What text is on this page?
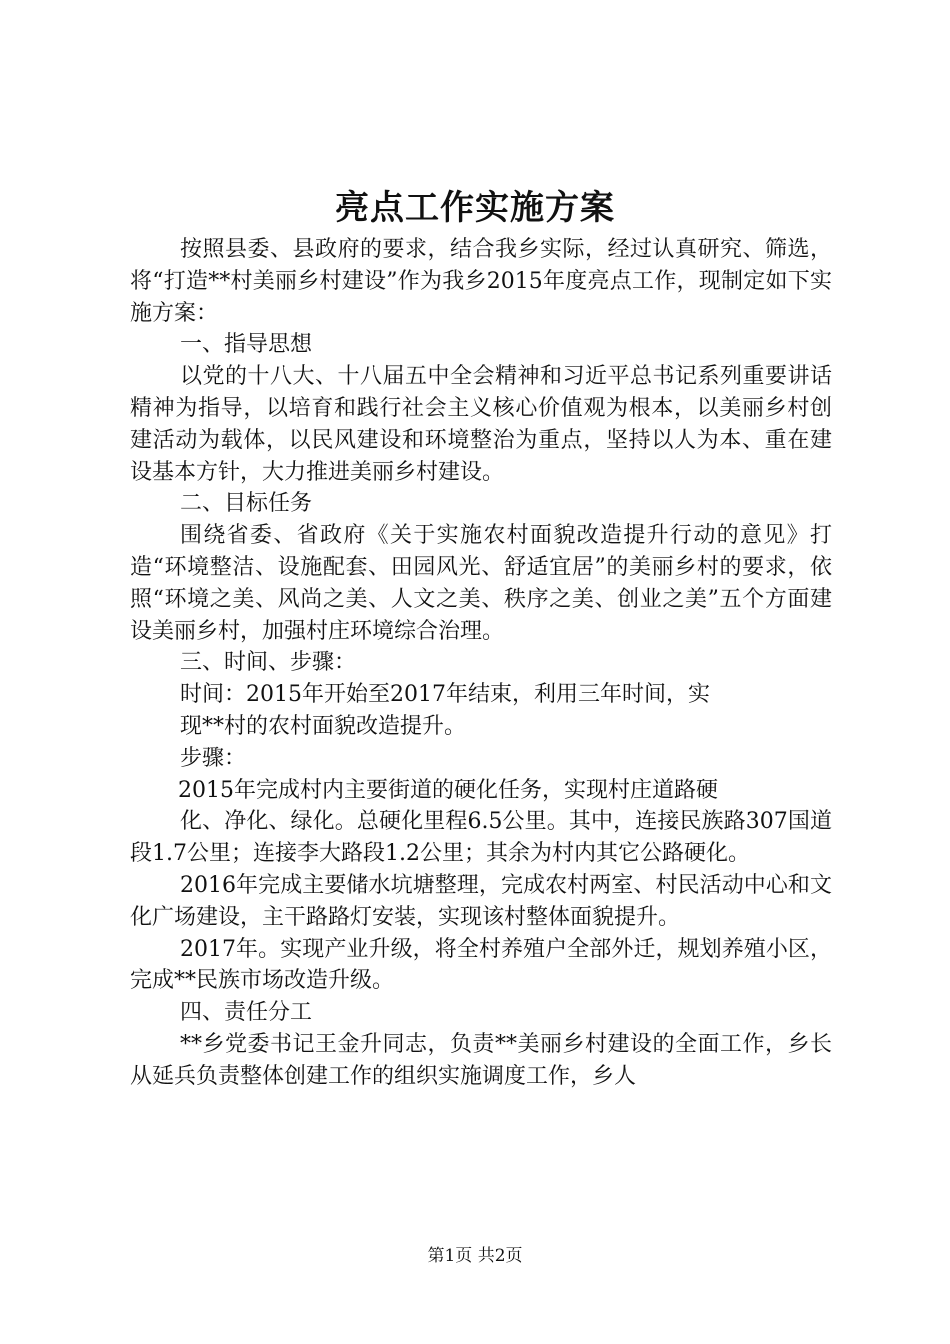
亮点工作实施方案

按照县委、县政府的要求，结合我乡实际，经过认真研究、筛选，将“打造**村美丽乡村建设”作为我乡2015年度亮点工作，现制定如下实施方案：

一、指导思想

以党的十八大、十八届五中全会精神和习近平总书记系列重要讲话精神为指导，以培育和践行社会主义核心价值观为根本，以美丽乡村创建活动为载体，以民风建设和环境整治为重点，坚持以人为本、重在建设基本方针，大力推进美丽乡村建设。

二、目标任务

围绕省委、省政府《关于实施农村面貌改造提升行动的意见》打造“环境整洁、设施配套、田园风光、舒适宜居”的美丽乡村的要求，依照“环境之美、风尚之美、人文之美、秩序之美、创业之美”五个方面建设美丽乡村，加强村庄环境综合治理。

三、时间、步骤：

时间：2015年开始至2017年结束，利用三年时间，实

现**村的农村面貌改造提升。

步骤：

2015年完成村内主要街道的硬化任务，实现村庄道路硬

化、净化、绿化。总硬化里程6.5公里。其中，连接民族路307国道段1.7公里；连接李大路段1.2公里；其余为村内其它公路硬化。

2016年完成主要储水坑塘整理，完成农村两室、村民活动中心和文化广场建设，主干路路灯安装，实现该村整体面貌提升。

2017年。实现产业升级，将全村养殖户全部外迁，规划养殖小区，完成**民族市场改造升级。

四、责任分工

**乡党委书记王金升同志，负责**美丽乡村建设的全面工作，乡长从延兵负责整体创建工作的组织实施调度工作，乡人

第1页 共2页
